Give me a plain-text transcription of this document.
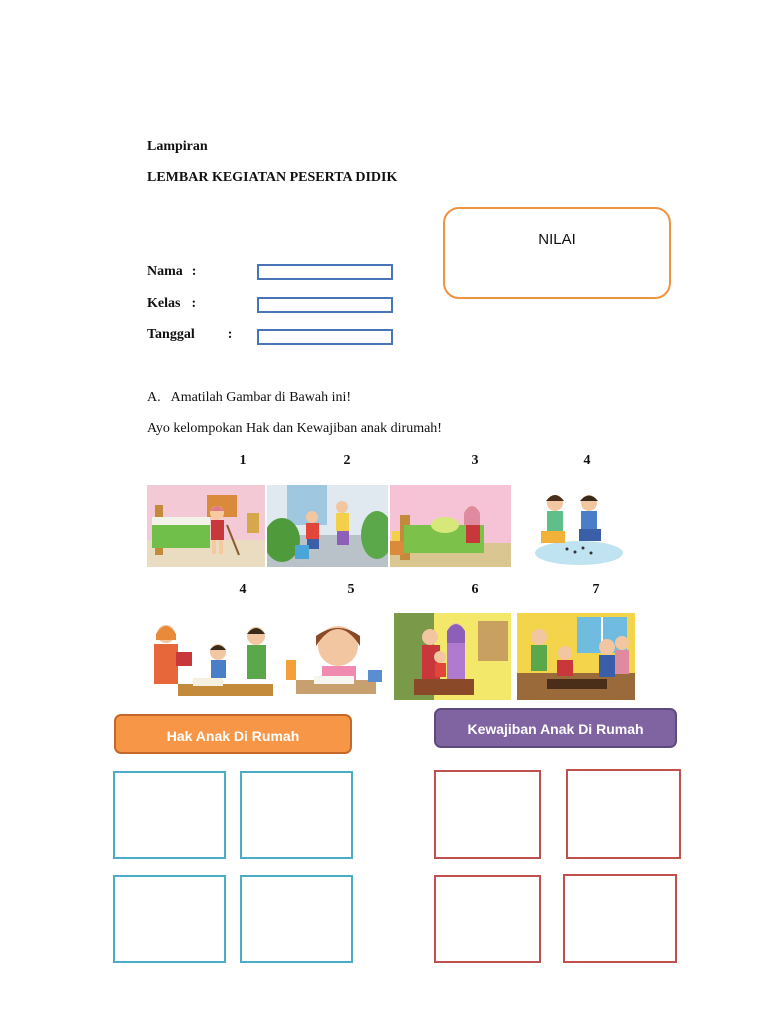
Lampiran
LEMBAR KEGIATAN PESERTA DIDIK
NILAI
Nama :
Kelas :
Tanggal :
A. Amatilah Gambar di Bawah ini!
Ayo kelompokan Hak dan Kewajiban anak dirumah!
1	2	3	4
4	5	6	7
Hak Anak Di Rumah	Kewajiban Anak Di Rumah
